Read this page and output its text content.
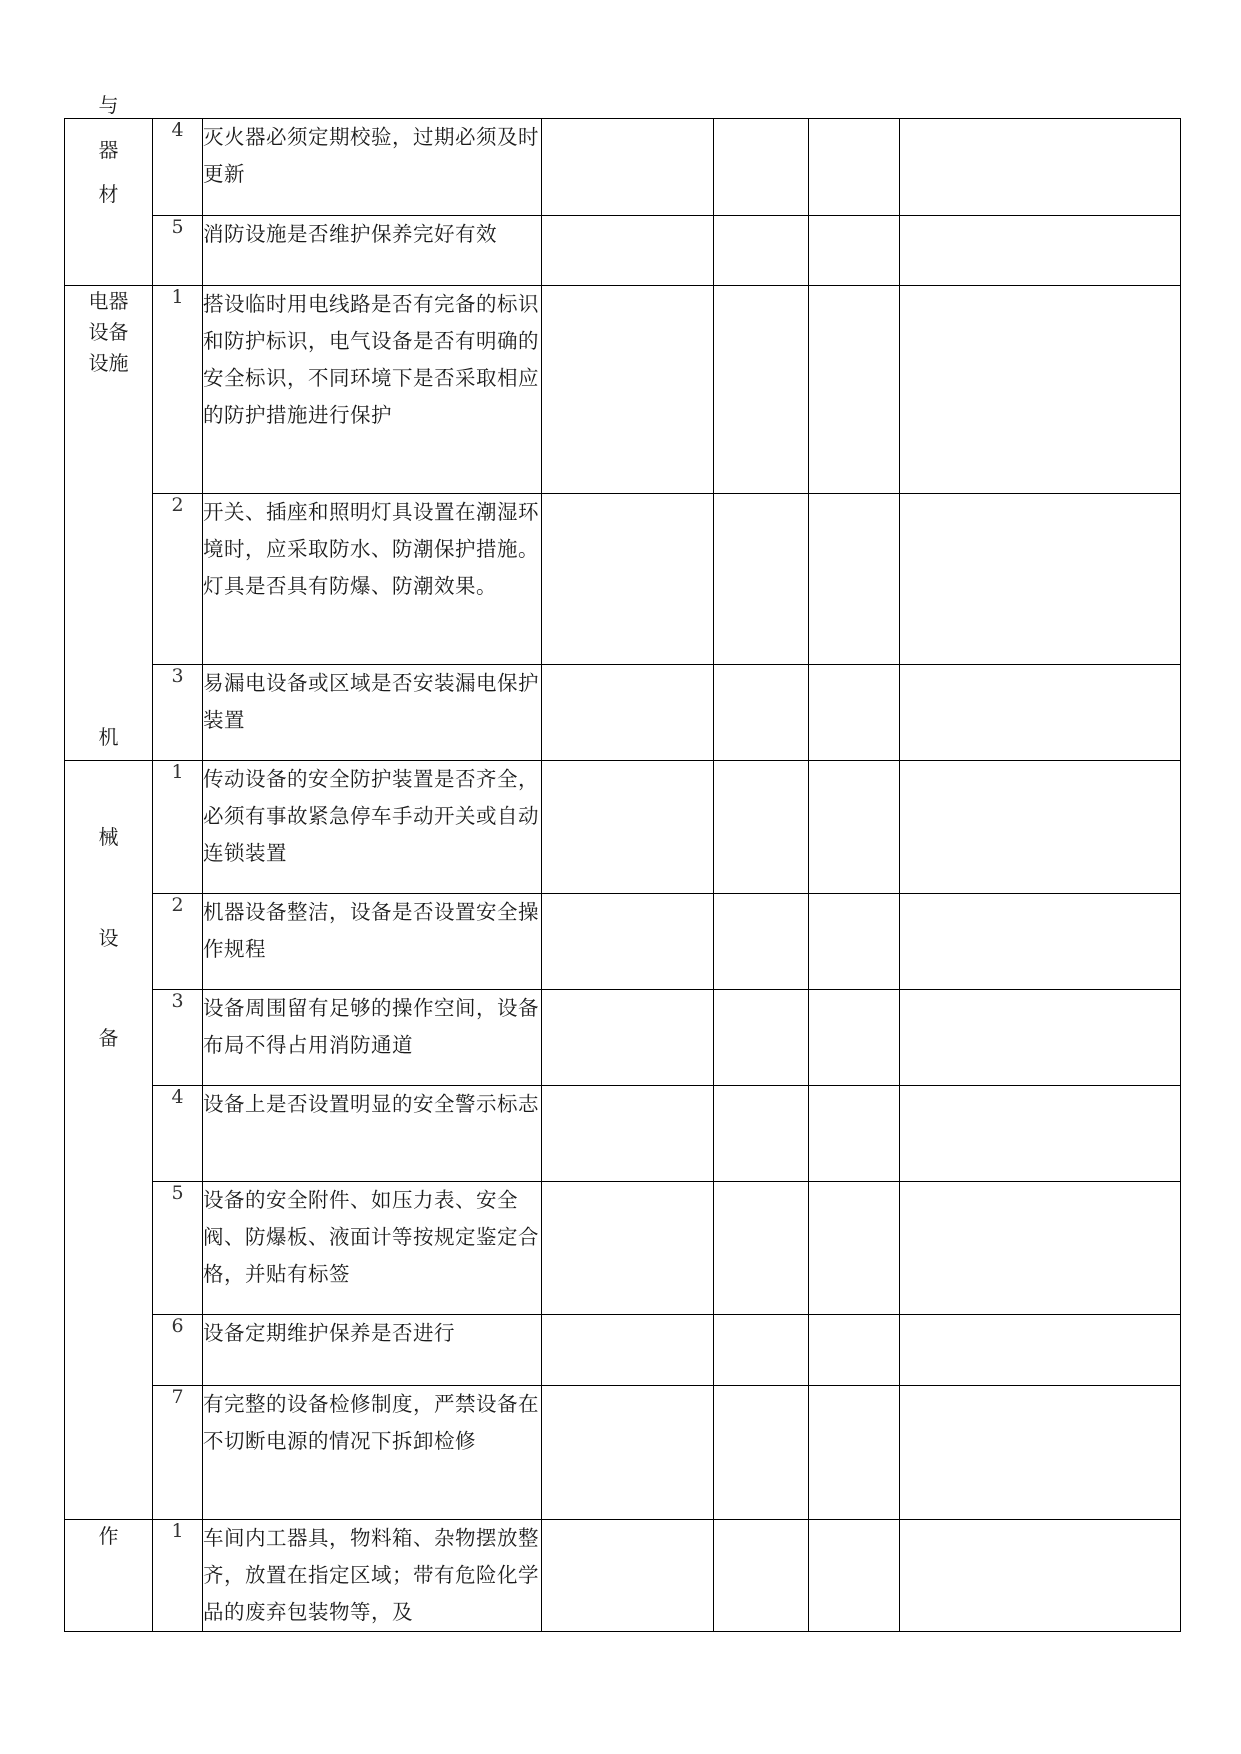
与
器
材	4	灭火器必须定期校验，过期必须及时更新				
	5	消防设施是否维护保养完好有效				

电器
设备
设施	1	搭设临时用电线路是否有完备的标识和防护标识，电气设备是否有明确的安全标识，不同环境下是否采取相应的防护措施进行保护				
	2	开关、插座和照明灯具设置在潮湿环境时，应采取防水、防潮保护措施。灯具是否具有防爆、防潮效果。				
	3	易漏电设备或区域是否安装漏电保护装置				

机
械
设
备	1	传动设备的安全防护装置是否齐全，必须有事故紧急停车手动开关或自动连锁装置				
	2	机器设备整洁，设备是否设置安全操作规程				
	3	设备周围留有足够的操作空间，设备布局不得占用消防通道				
	4	设备上是否设置明显的安全警示标志				
	5	设备的安全附件、如压力表、安全阀、防爆板、液面计等按规定鉴定合格，并贴有标签				
	6	设备定期维护保养是否进行				
	7	有完整的设备检修制度，严禁设备在不切断电源的情况下拆卸检修				
作	1	车间内工器具，物料箱、杂物摆放整齐，放置在指定区域；带有危险化学品的废弃包装物等，及				
